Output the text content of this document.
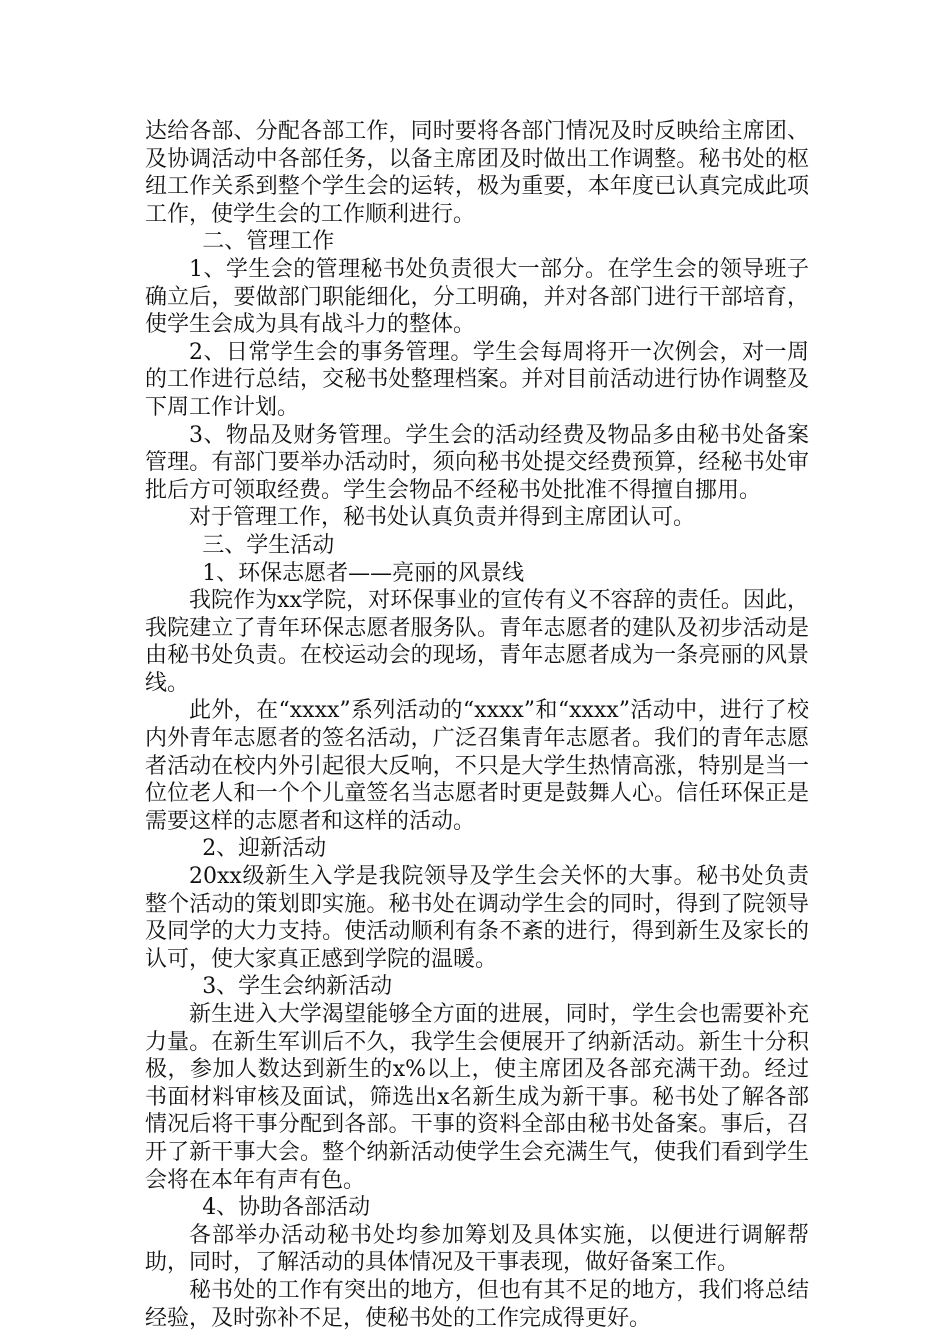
达给各部、分配各部工作，同时要将各部门情况及时反映给主席团、及协调活动中各部任务，以备主席团及时做出工作调整。秘书处的枢纽工作关系到整个学生会的运转，极为重要，本年度已认真完成此项工作，使学生会的工作顺利进行。

二、管理工作

1、学生会的管理秘书处负责很大一部分。在学生会的领导班子确立后，要做部门职能细化，分工明确，并对各部门进行干部培育，使学生会成为具有战斗力的整体。

2、日常学生会的事务管理。学生会每周将开一次例会，对一周的工作进行总结，交秘书处整理档案。并对目前活动进行协作调整及下周工作计划。

3、物品及财务管理。学生会的活动经费及物品多由秘书处备案管理。有部门要举办活动时，须向秘书处提交经费预算，经秘书处审批后方可领取经费。学生会物品不经秘书处批准不得擅自挪用。

对于管理工作，秘书处认真负责并得到主席团认可。

三、学生活动

1、环保志愿者——亮丽的风景线

我院作为xx学院，对环保事业的宣传有义不容辞的责任。因此，我院建立了青年环保志愿者服务队。青年志愿者的建队及初步活动是由秘书处负责。在校运动会的现场，青年志愿者成为一条亮丽的风景线。

此外，在“xxxx”系列活动的“xxxx”和“xxxx”活动中，进行了校内外青年志愿者的签名活动，广泛召集青年志愿者。我们的青年志愿者活动在校内外引起很大反响，不只是大学生热情高涨，特别是当一位位老人和一个个儿童签名当志愿者时更是鼓舞人心。信任环保正是需要这样的志愿者和这样的活动。

2、迎新活动

20xx级新生入学是我院领导及学生会关怀的大事。秘书处负责整个活动的策划即实施。秘书处在调动学生会的同时，得到了院领导及同学的大力支持。使活动顺利有条不紊的进行，得到新生及家长的认可，使大家真正感到学院的温暖。

3、学生会纳新活动

新生进入大学渴望能够全方面的进展，同时，学生会也需要补充力量。在新生军训后不久，我学生会便展开了纳新活动。新生十分积极，参加人数达到新生的x%以上，使主席团及各部充满干劲。经过书面材料审核及面试，筛选出x名新生成为新干事。秘书处了解各部情况后将干事分配到各部。干事的资料全部由秘书处备案。事后，召开了新干事大会。整个纳新活动使学生会充满生气，使我们看到学生会将在本年有声有色。

4、协助各部活动

各部举办活动秘书处均参加筹划及具体实施，以便进行调解帮助，同时，了解活动的具体情况及干事表现，做好备案工作。

秘书处的工作有突出的地方，但也有其不足的地方，我们将总结经验，及时弥补不足，使秘书处的工作完成得更好。
